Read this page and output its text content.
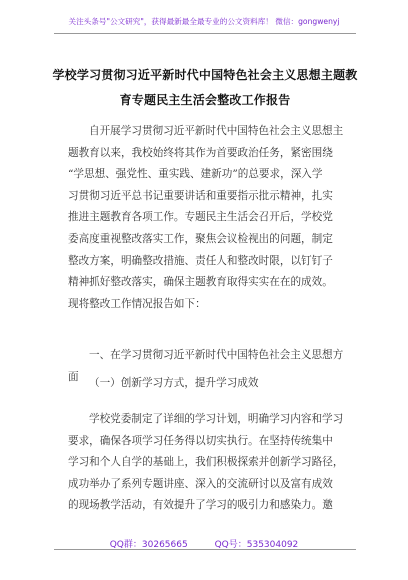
关注头条号"公文研究"，获得最新最全最专业的公文资料库！ 微信：gongwenyj
学校学习贯彻习近平新时代中国特色社会主义思想主题教
育专题民主生活会整改工作报告
自开展学习贯彻习近平新时代中国特色社会主义思想主
题教育以来，我校始终将其作为首要政治任务，紧密围绕
“学思想、强党性、重实践、建新功”的总要求，深入学
习贯彻习近平总书记重要讲话和重要指示批示精神，扎实
推进主题教育各项工作。专题民主生活会召开后，学校党
委高度重视整改落实工作，聚焦会议检视出的问题，制定
整改方案，明确整改措施、责任人和整改时限，以钉钉子
精神抓好整改落实，确保主题教育取得实实在在的成效。
现将整改工作情况报告如下：
一、在学习贯彻习近平新时代中国特色社会主义思想方
面
（一）创新学习方式，提升学习成效
学校党委制定了详细的学习计划，明确学习内容和学习
要求，确保各项学习任务得以切实执行。在坚持传统集中
学习和个人自学的基础上，我们积极探索并创新学习路径，
成功举办了系列专题讲座、深入的交流研讨以及富有成效
的现场教学活动，有效提升了学习的吸引力和感染力。邀
QQ群：30265665	QQ号：535304092
